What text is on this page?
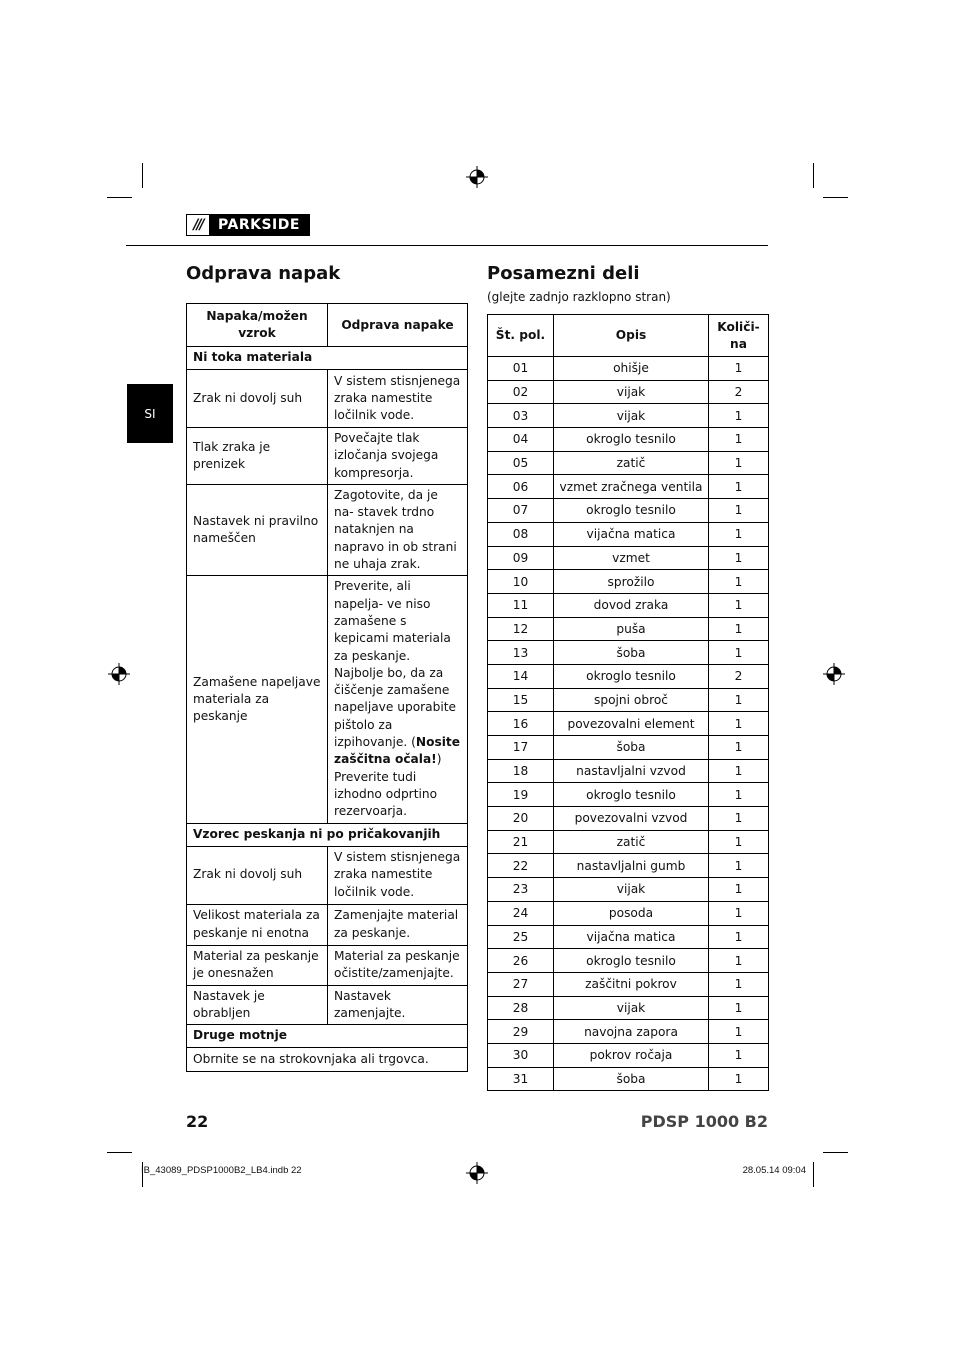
///	PARKSIDE
SI
Odprava napak	Posamezni deli
(glejte zadnjo razklopno stran)
Napaka/možen vzrok	Odprava napake
Ni toka materiala	
Zrak ni dovolj suh	V sistem stisnjenega zraka namestite ločilnik vode.
Tlak zraka je prenizek	Povečajte tlak izločanja svojega kompresorja.
Nastavek ni pravilno nameščen	Zagotovite, da je na- stavek trdno nataknjen na napravo in ob strani ne uhaja zrak.
Zamašene napeljave materiala za peskanje	Preverite, ali napelja- ve niso zamašene s kepicami materiala za peskanje. Najbolje bo, da za čiščenje zamašene napeljave uporabite pištolo za izpihovanje. (Nosite zaščitna očala!) Preverite tudi izhodno odprtino rezervoarja.
Vzorec peskanja ni po pričakovanjih	
Zrak ni dovolj suh	V sistem stisnjenega zraka namestite ločilnik vode.
Velikost materiala za peskanje ni enotna	Zamenjajte material za peskanje.
Material za peskanje je onesnažen	Material za peskanje očistite/zamenjajte.
Nastavek je obrabljen	Nastavek zamenjajte.
Druge motnje	
Obrnite se na strokovnjaka ali trgovca.	
Št. pol.	Opis	Količi-
na
01	ohišje	1
02	vijak	2
03	vijak	1
04	okroglo tesnilo	1
05	zatič	1
06	vzmet zračnega ventila	1
07	okroglo tesnilo	1
08	vijačna matica	1
09	vzmet	1
10	sprožilo	1
11	dovod zraka	1
12	puša	1
13	šoba	1
14	okroglo tesnilo	2
15	spojni obroč	1
16	povezovalni element	1
17	šoba	1
18	nastavljalni vzvod	1
19	okroglo tesnilo	1
20	povezovalni vzvod	1
21	zatič	1
22	nastavljalni gumb	1
23	vijak	1
24	posoda	1
25	vijačna matica	1
26	okroglo tesnilo	1
27	zaščitni pokrov	1
28	vijak	1
29	navojna zapora	1
30	pokrov ročaja	1
31	šoba	1
22	PDSP 1000 B2
IB_43089_PDSP1000B2_LB4.indb 22	28.05.14 09:04
